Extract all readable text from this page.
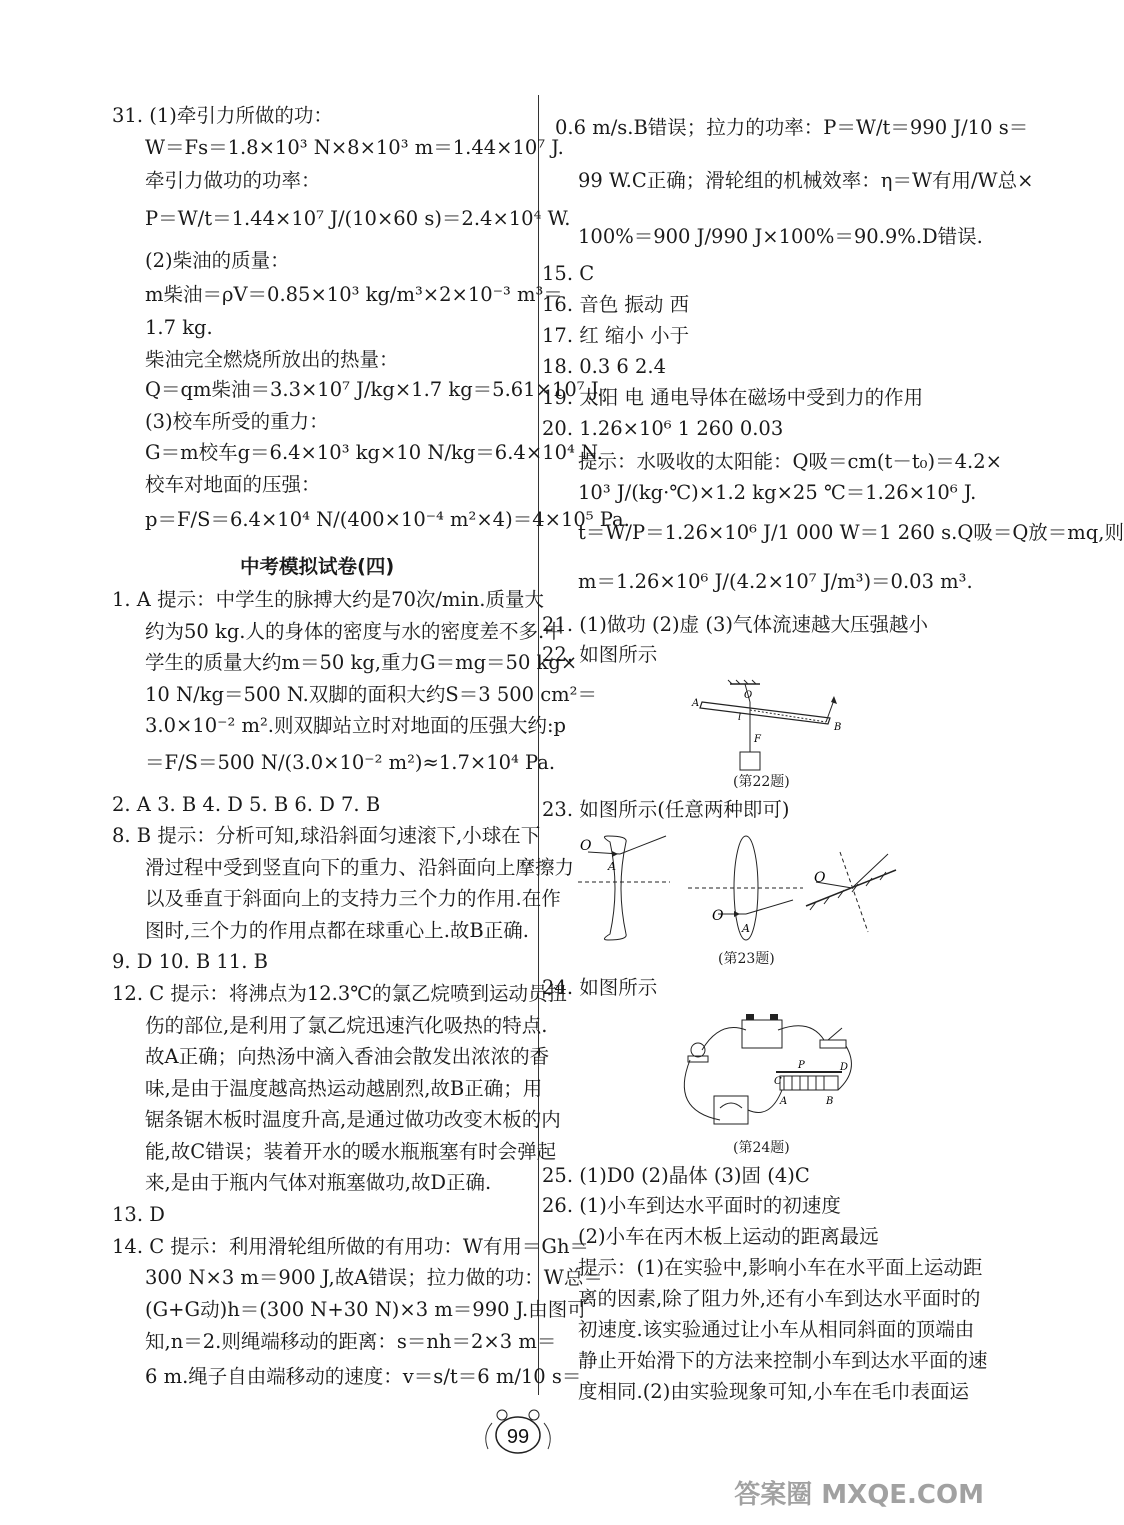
A
O
B
F
l
(第22题)
O
A
O
A
O
(第23题)
P
C
D
A	B
(第24题)
99
答案圈 MXQE.COM
31. (1)牵引力所做的功：
W＝Fs＝1.8×10³ N×8×10³ m＝1.44×10⁷ J.
牵引力做功的功率：
P＝W/t＝1.44×10⁷ J/(10×60 s)＝2.4×10⁴ W.
(2)柴油的质量：
m柴油＝ρV＝0.85×10³ kg/m³×2×10⁻³ m³＝
1.7 kg.
柴油完全燃烧所放出的热量：
Q＝qm柴油＝3.3×10⁷ J/kg×1.7 kg＝5.61×10⁷ J.
(3)校车所受的重力：
G＝m校车g＝6.4×10³ kg×10 N/kg＝6.4×10⁴ N.
校车对地面的压强：
p＝F/S＝6.4×10⁴ N/(400×10⁻⁴ m²×4)＝4×10⁵ Pa.
中考模拟试卷(四)
1. A 提示：中学生的脉搏大约是70次/min.质量大
约为50 kg.人的身体的密度与水的密度差不多.中
学生的质量大约m＝50 kg,重力G＝mg＝50 kg×
10 N/kg＝500 N.双脚的面积大约S＝3 500 cm²＝
3.0×10⁻² m².则双脚站立时对地面的压强大约:p
＝F/S＝500 N/(3.0×10⁻² m²)≈1.7×10⁴ Pa.
2. A 3. B 4. D 5. B 6. D 7. B
8. B 提示：分析可知,球沿斜面匀速滚下,小球在下
滑过程中受到竖直向下的重力、沿斜面向上摩擦力
以及垂直于斜面向上的支持力三个力的作用.在作
图时,三个力的作用点都在球重心上.故B正确.
9. D 10. B 11. B
12. C 提示：将沸点为12.3℃的氯乙烷喷到运动员扭
伤的部位,是利用了氯乙烷迅速汽化吸热的特点.
故A正确；向热汤中滴入香油会散发出浓浓的香
味,是由于温度越高热运动越剧烈,故B正确；用
锯条锯木板时温度升高,是通过做功改变木板的内
能,故C错误；装着开水的暖水瓶瓶塞有时会弹起
来,是由于瓶内气体对瓶塞做功,故D正确.
13. D
14. C 提示：利用滑轮组所做的有用功：W有用＝Gh＝
300 N×3 m＝900 J,故A错误；拉力做的功：W总＝
(G+G动)h＝(300 N+30 N)×3 m＝990 J.由图可
知,n＝2.则绳端移动的距离：s＝nh＝2×3 m＝
6 m.绳子自由端移动的速度：v＝s/t＝6 m/10 s＝
0.6 m/s.B错误；拉力的功率：P＝W/t＝990 J/10 s＝
99 W.C正确；滑轮组的机械效率：η＝W有用/W总×
100%＝900 J/990 J×100%＝90.9%.D错误.
15. C
16. 音色 振动 西
17. 红 缩小 小于
18. 0.3 6 2.4
19. 太阳 电 通电导体在磁场中受到力的作用
20. 1.26×10⁶ 1 260 0.03
提示：水吸收的太阳能：Q吸＝cm(t－t₀)＝4.2×
10³ J/(kg·℃)×1.2 kg×25 ℃＝1.26×10⁶ J.
t＝W/P＝1.26×10⁶ J/1 000 W＝1 260 s.Q吸＝Q放＝mq,则
m＝1.26×10⁶ J/(4.2×10⁷ J/m³)＝0.03 m³.
21. (1)做功 (2)虚 (3)气体流速越大压强越小
22. 如图所示
23. 如图所示(任意两种即可)
24. 如图所示
25. (1)D0 (2)晶体 (3)固 (4)C
26. (1)小车到达水平面时的初速度
(2)小车在丙木板上运动的距离最远
提示：(1)在实验中,影响小车在水平面上运动距
离的因素,除了阻力外,还有小车到达水平面时的
初速度.该实验通过让小车从相同斜面的顶端由
静止开始滑下的方法来控制小车到达水平面的速
度相同.(2)由实验现象可知,小车在毛巾表面运
